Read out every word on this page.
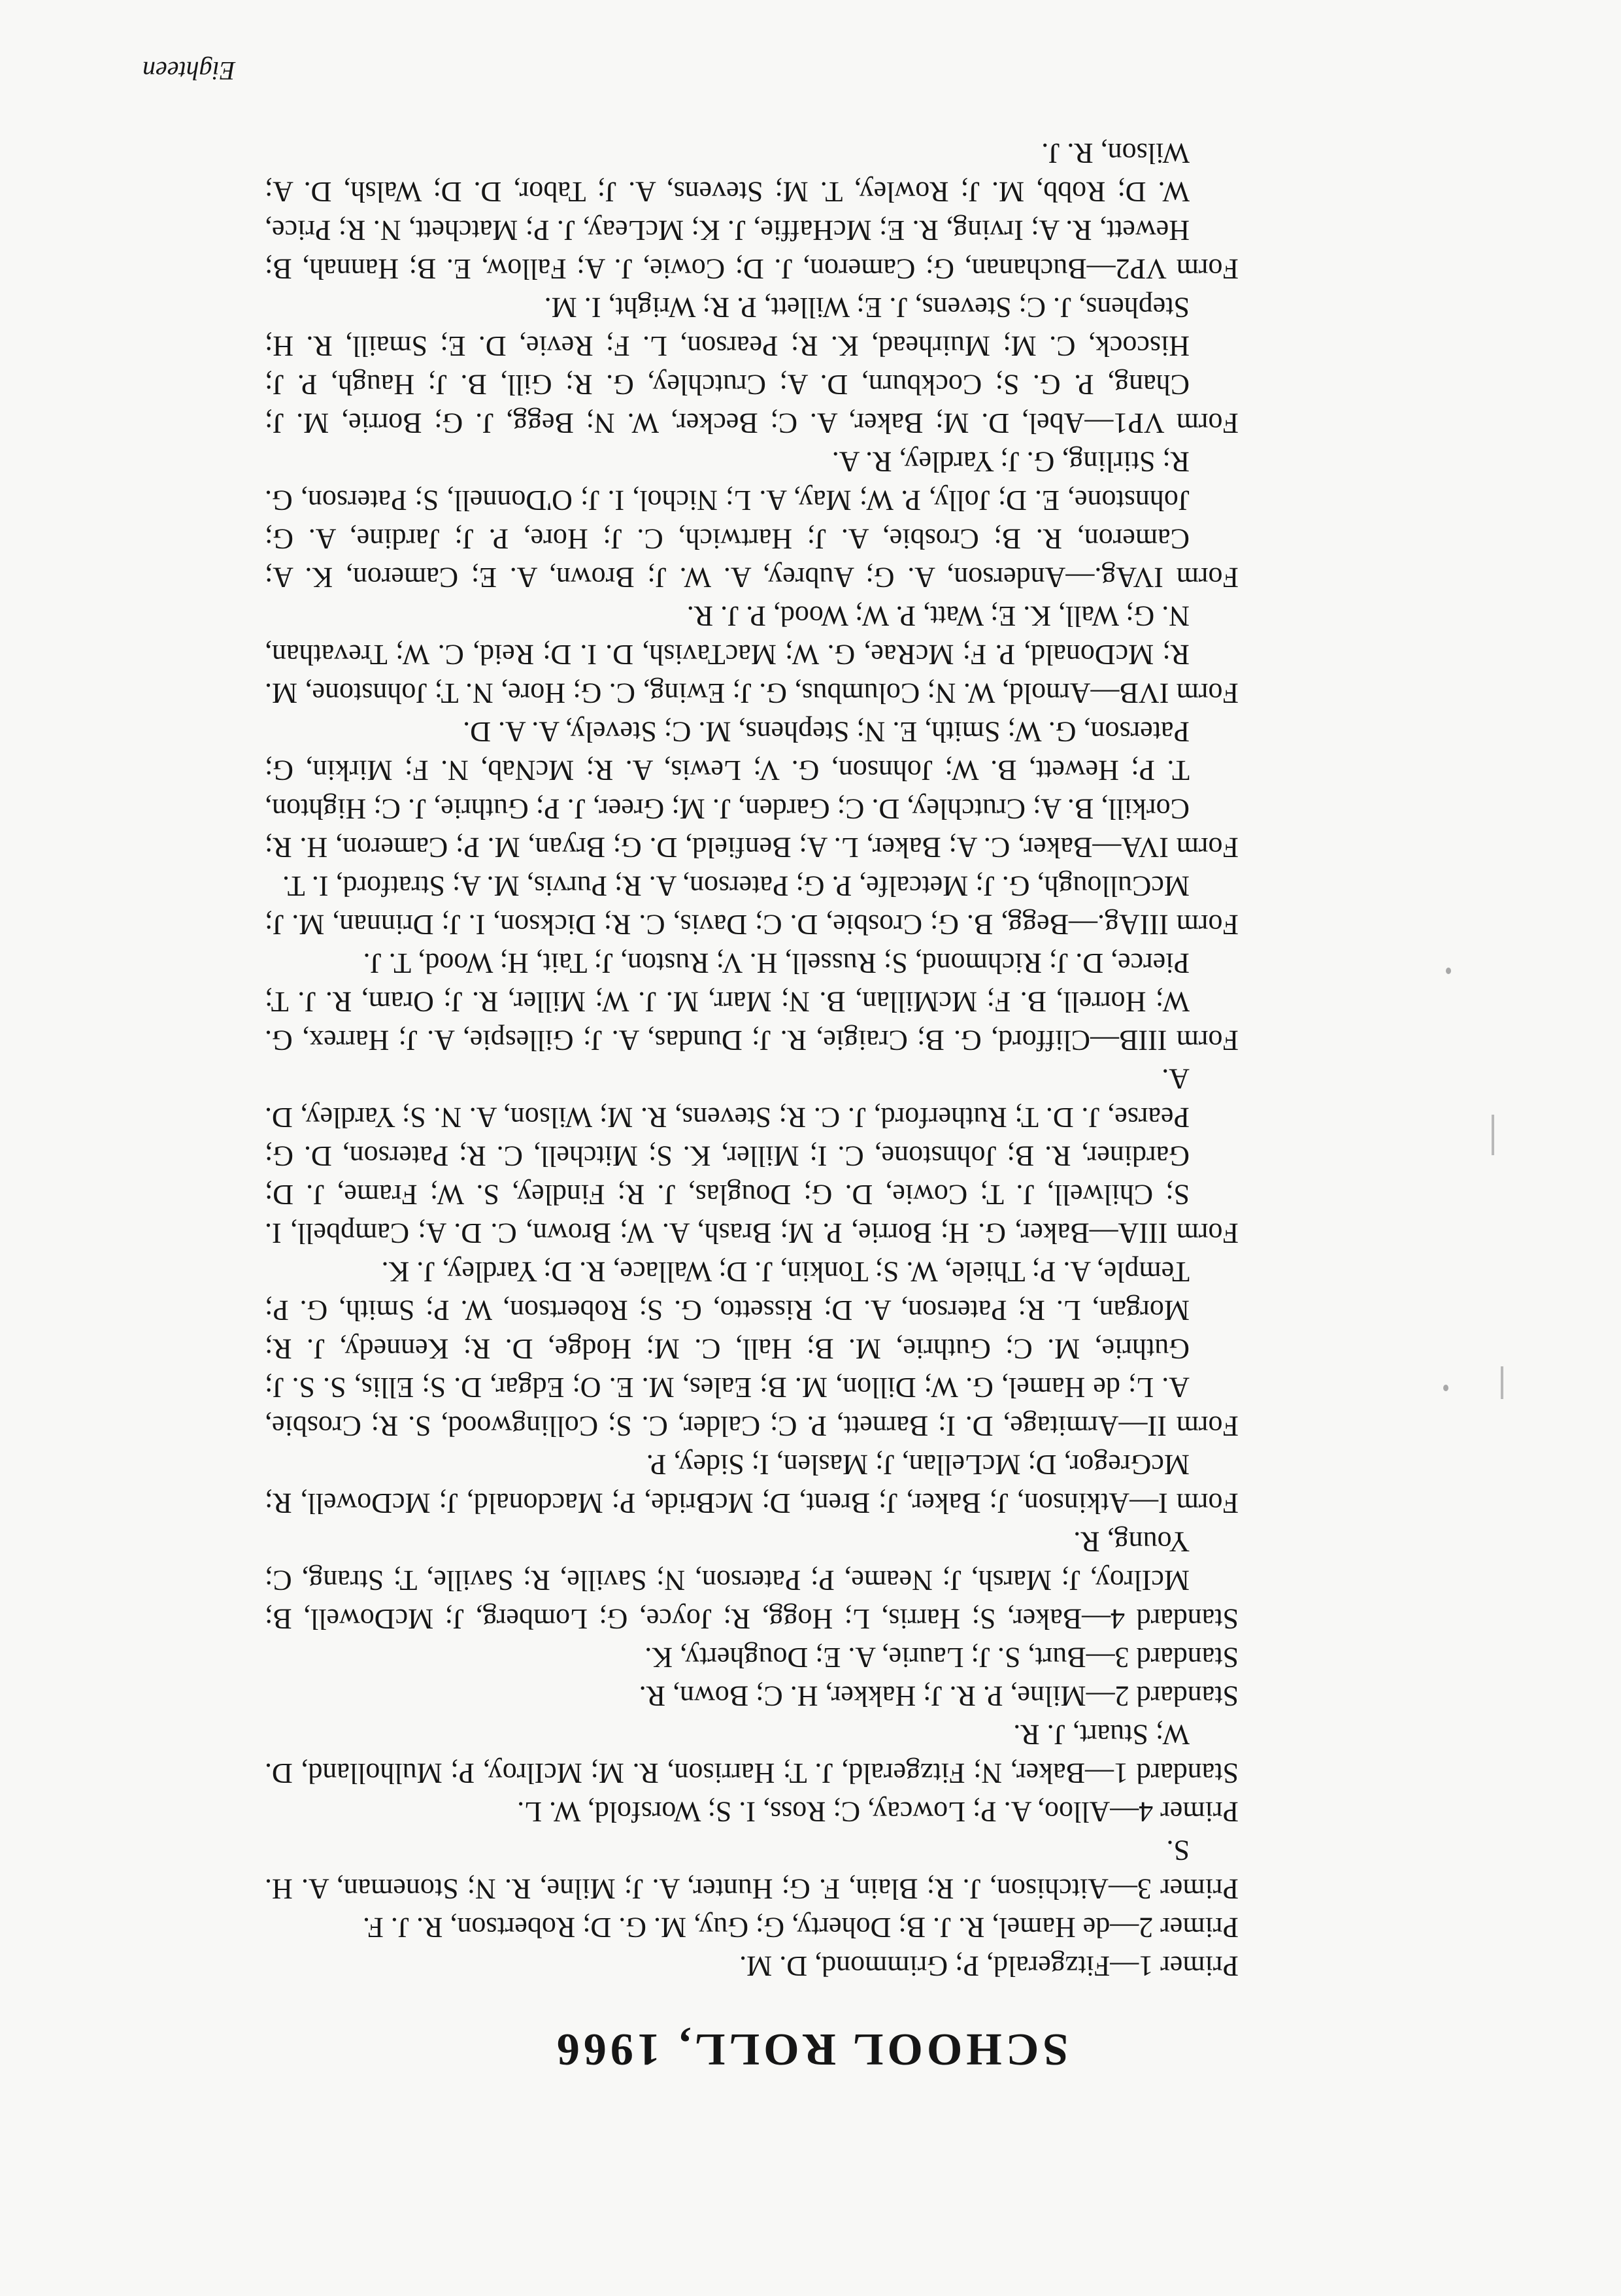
SCHOOL ROLL, 1966
Primer 1—Fitzgerald, P; Grimmond, D. M.
Primer 2—de Hamel, R. J. B; Doherty, G; Guy, M. G. D; Robertson, R. J. F.
Primer 3—Aitchison, J. R; Blain, F. G; Hunter, A. J; Milne, R. N; Stoneman, A. H. S.
Primer 4—Alloo, A. P; Lowcay, C; Ross, I. S; Worsfold, W. L.
Standard 1—Baker, N; Fitzgerald, J. T; Harrison, R. M; McIlroy, P; Mulholland, D. W; Stuart, J. R.
Standard 2—Milne, P. R. J; Hakker, H. C; Bown, R.
Standard 3—Burt, S. J; Laurie, A. E; Dougherty, K.
Standard 4—Baker, S; Harris, L; Hogg, R; Joyce, G; Lomberg, J; McDowell, B; McIlroy, J; Marsh, J; Neame, P; Paterson, N; Saville, R; Saville, T; Strang, C; Young, R.
Form I—Atkinson, J; Baker, J; Brent, D; McBride, P; Macdonald, J; McDowell, R; McGregor, D; McLellan, J; Maslen, I; Sidey, P.
Form II—Armitage, D. I; Barnett, P. C; Calder, C. S; Collingwood, S. R; Crosbie, A. L; de Hamel, G. W; Dillon, M. B; Eales, M. E. O; Edgar, D. S; Ellis, S. S. J; Guthrie, M. C; Guthrie, M. B; Hall, C. M; Hodge, D. R; Kennedy, J. R; Morgan, L. R; Paterson, A. D; Rissetto, G. S; Robertson, W. P; Smith, G. P; Temple, A. P; Thiele, W. S; Tonkin, J. D; Wallace, R. D; Yardley, J. K.
Form IIIA—Baker, G. H; Borrie, P. M; Brash, A. W; Brown, C. D. A; Campbell, I. S; Chilwell, J. T; Cowie, D. G; Douglas, J. R; Findley, S. W; Frame, J. D; Gardiner, R. B; Johnstone, C. I; Miller, K. S; Mitchell, C. R; Paterson, D. G; Pearse, J. D. T; Rutherford, J. C. R; Stevens, R. M; Wilson, A. N. S; Yardley, D. A.
Form IIIB—Clifford, G. B; Craigie, R. J; Dundas, A. J; Gillespie, A. J; Harrex, G. W; Horrell, B. F; McMillan, B. N; Marr, M. J. W; Miller, R. J; Oram, R. J. T; Pierce, D. J; Richmond, S; Russell, H. V; Ruston, J; Tait, H; Wood, T. J.
Form IIIAg.—Begg, B. G; Crosbie, D. C; Davis, C. R; Dickson, I. J; Drinnan, M. J; McCullough, G. J; Metcalfe, P. G; Paterson, A. R; Purvis, M. A; Stratford, I. T.
Form IVA—Baker, C. A; Baker, L. A; Benfield, D. G; Bryan, M. P; Cameron, H. R; Corkill, B. A; Crutchley, D. C; Garden, J. M; Greer, J. P; Guthrie, J. C; Highton, T. P; Hewett, B. W; Johnson, G. V; Lewis, A. R; McNab, N. F; Mirkin, G; Paterson, G. W; Smith, E. N; Stephens, M. C; Stevely, A. A. D.
Form IVB—Arnold, W. N; Columbus, G. J; Ewing, C. G; Hore, N. T; Johnstone, M. R; McDonald, P. F; McRae, G. W; MacTavish, D. I. D; Reid, C. W; Trevathan, N. G; Wall, K. E; Watt, P. W; Wood, P. J. R.
Form IVAg.—Anderson, A. G; Aubrey, A. W. J; Brown, A. E; Cameron, K. A; Cameron, R. B; Crosbie, A. J; Hartwich, C. J; Hore, P. J; Jardine, A. G; Johnstone, E. D; Jolly, P. W; May, A. L; Nichol, I. J; O'Donnell, S; Paterson, G. R; Stirling, G. J; Yardley, R. A.
Form VP1—Abel, D. M; Baker, A. C; Becker, W. N; Begg, J. G; Borrie, M. J; Chang, P. G. S; Cockburn, D. A; Crutchley, G. R; Gill, B. J; Haugh, P. J; Hiscock, C. M; Muirhead, K. R; Pearson, L. F; Revie, D. E; Smaill, R. H; Stephens, J. C; Stevens, J. E; Willett, P. R; Wright, I. M.
Form VP2—Buchanan, G; Cameron, J. D; Cowie, J. A; Fallow, E. B; Hannah, B; Hewett, R. A; Irving, R. E; McHaffie, J. K; McLeay, J. P; Matchett, N. R; Price, W. D; Robb, M. J; Rowley, T. M; Stevens, A. J; Tabor, D. D; Walsh, D. A; Wilson, R. J.
Eighteen
